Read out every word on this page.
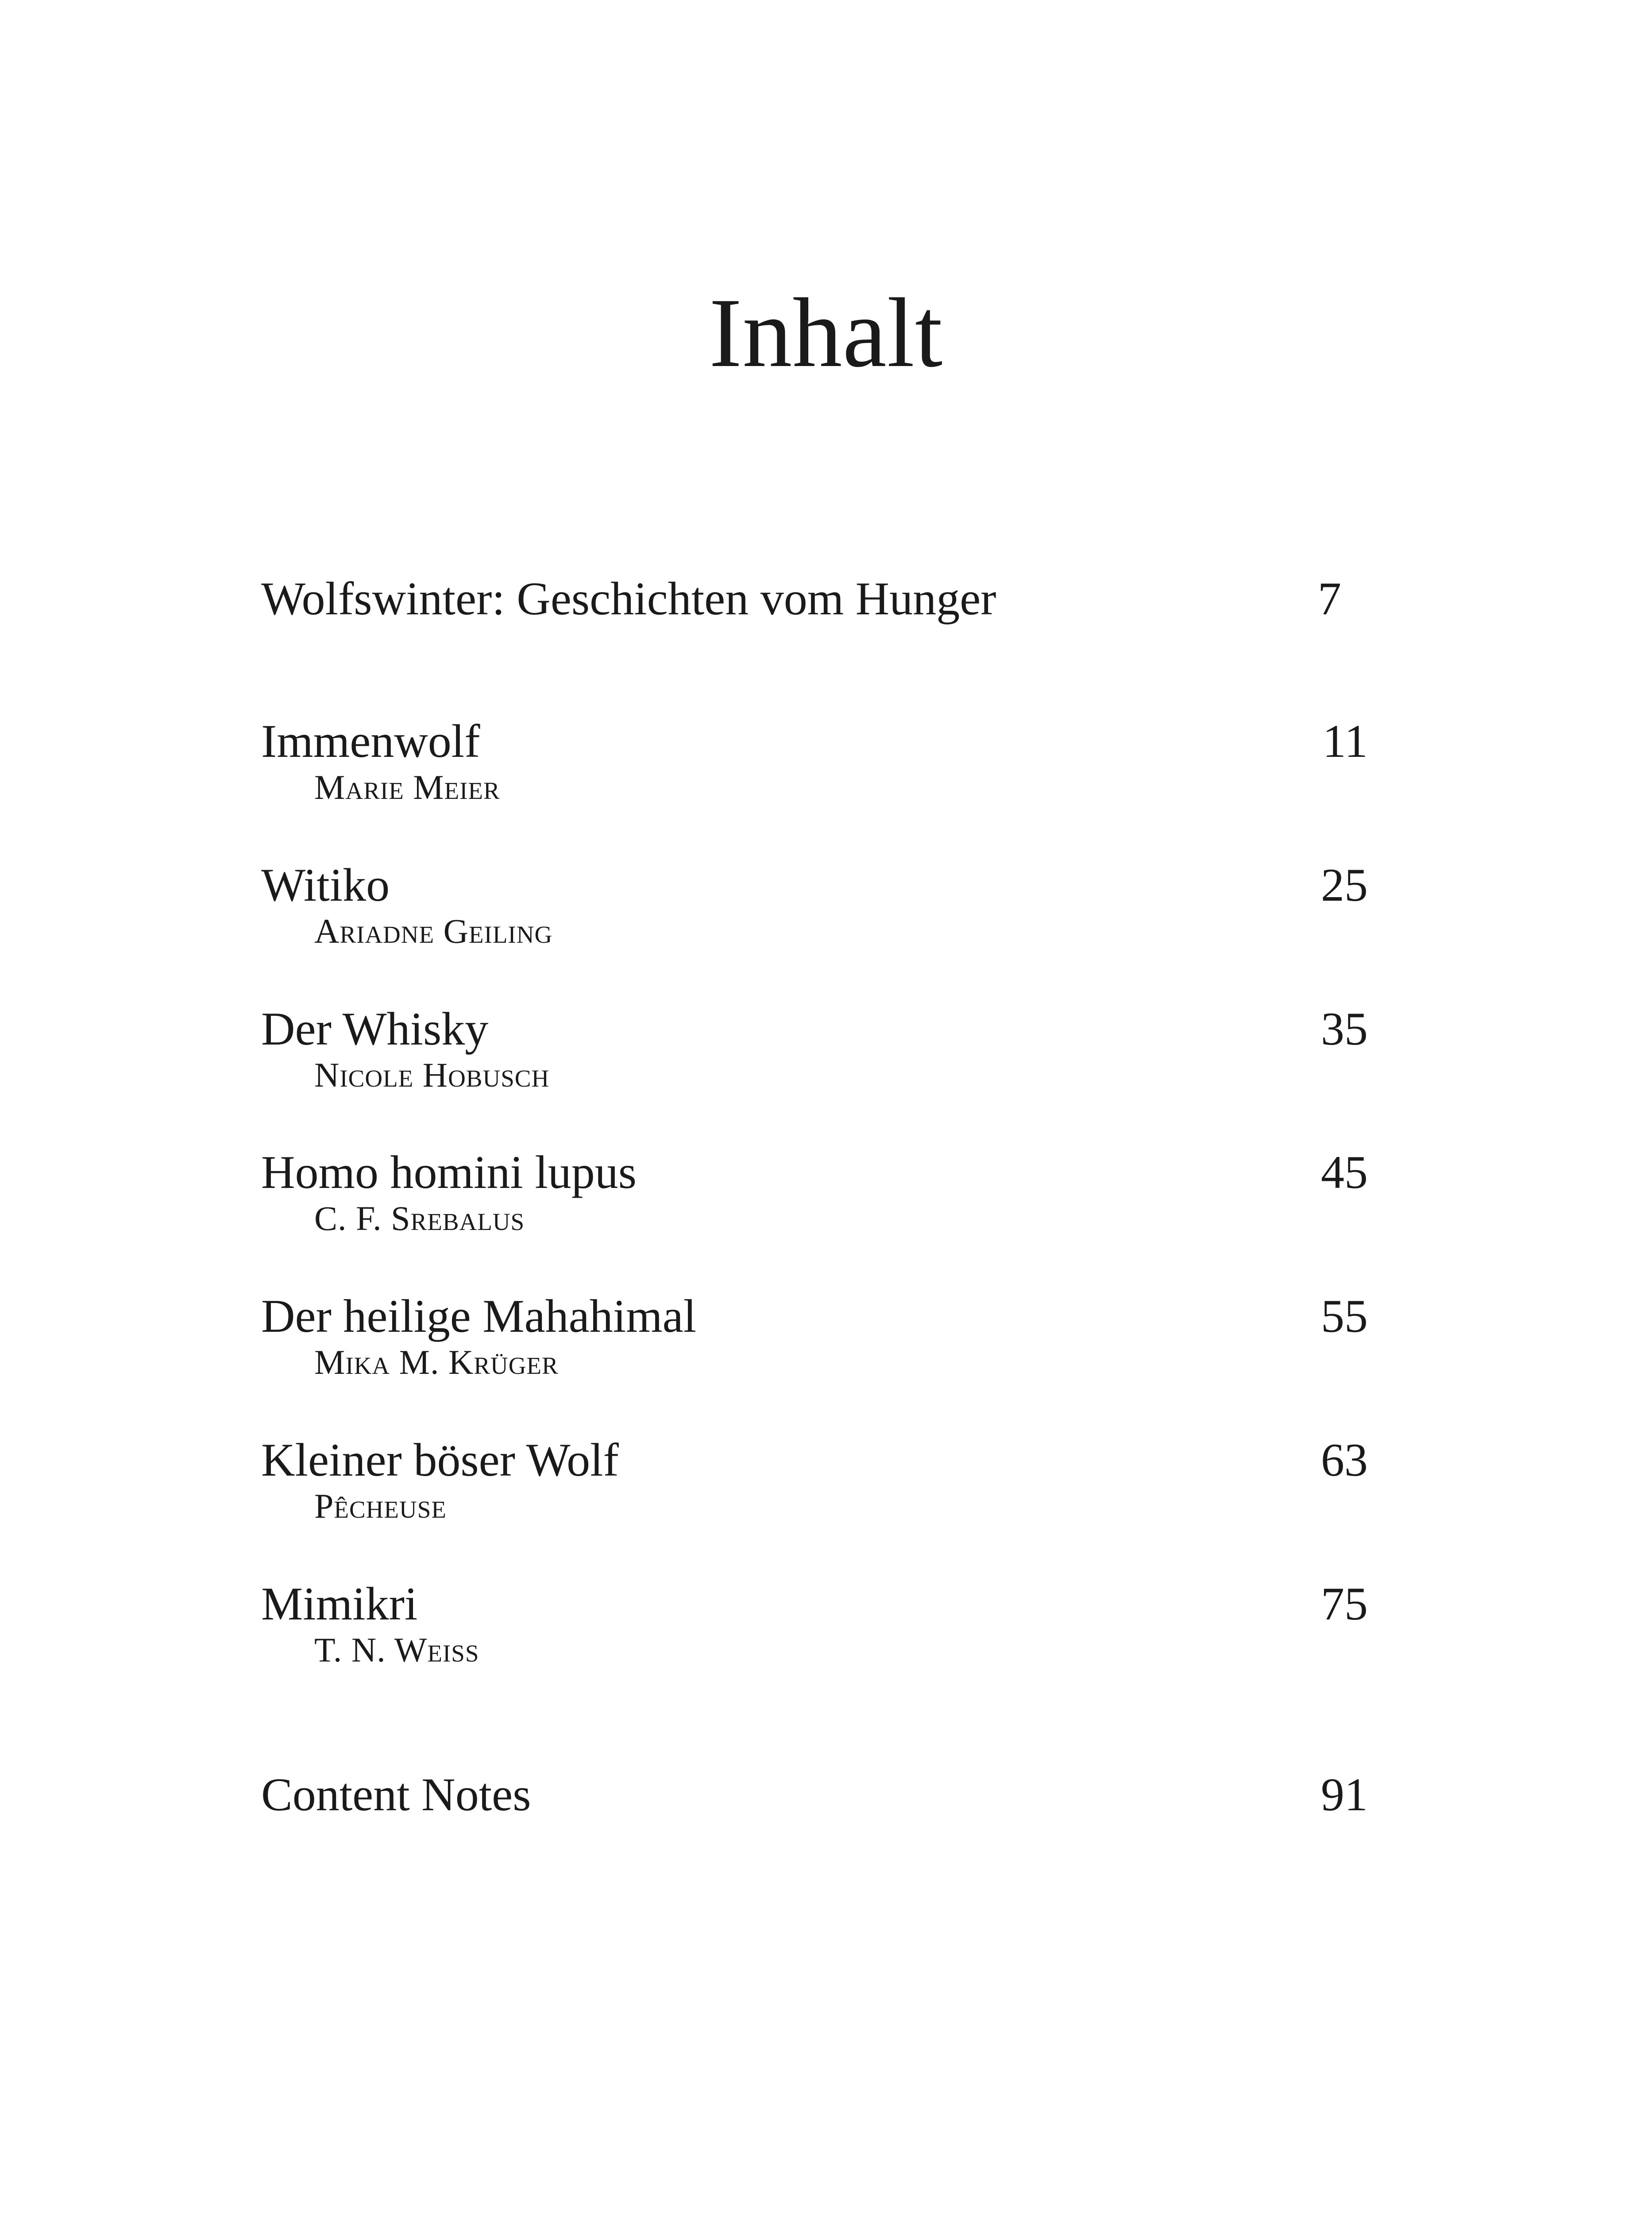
Inhalt
Wolfswinter: Geschichten vom Hunger	7
Immenwolf
Marie Meier
11
Witiko
Ariadne Geiling
25
Der Whisky
Nicole Hobusch
35
Homo homini lupus
C. F. Srebalus
45
Der heilige Mahahimal
Mika M. Krüger
55
Kleiner böser Wolf
Pêcheuse
63
Mimikri
T. N. Weiss
75
Content Notes	91
